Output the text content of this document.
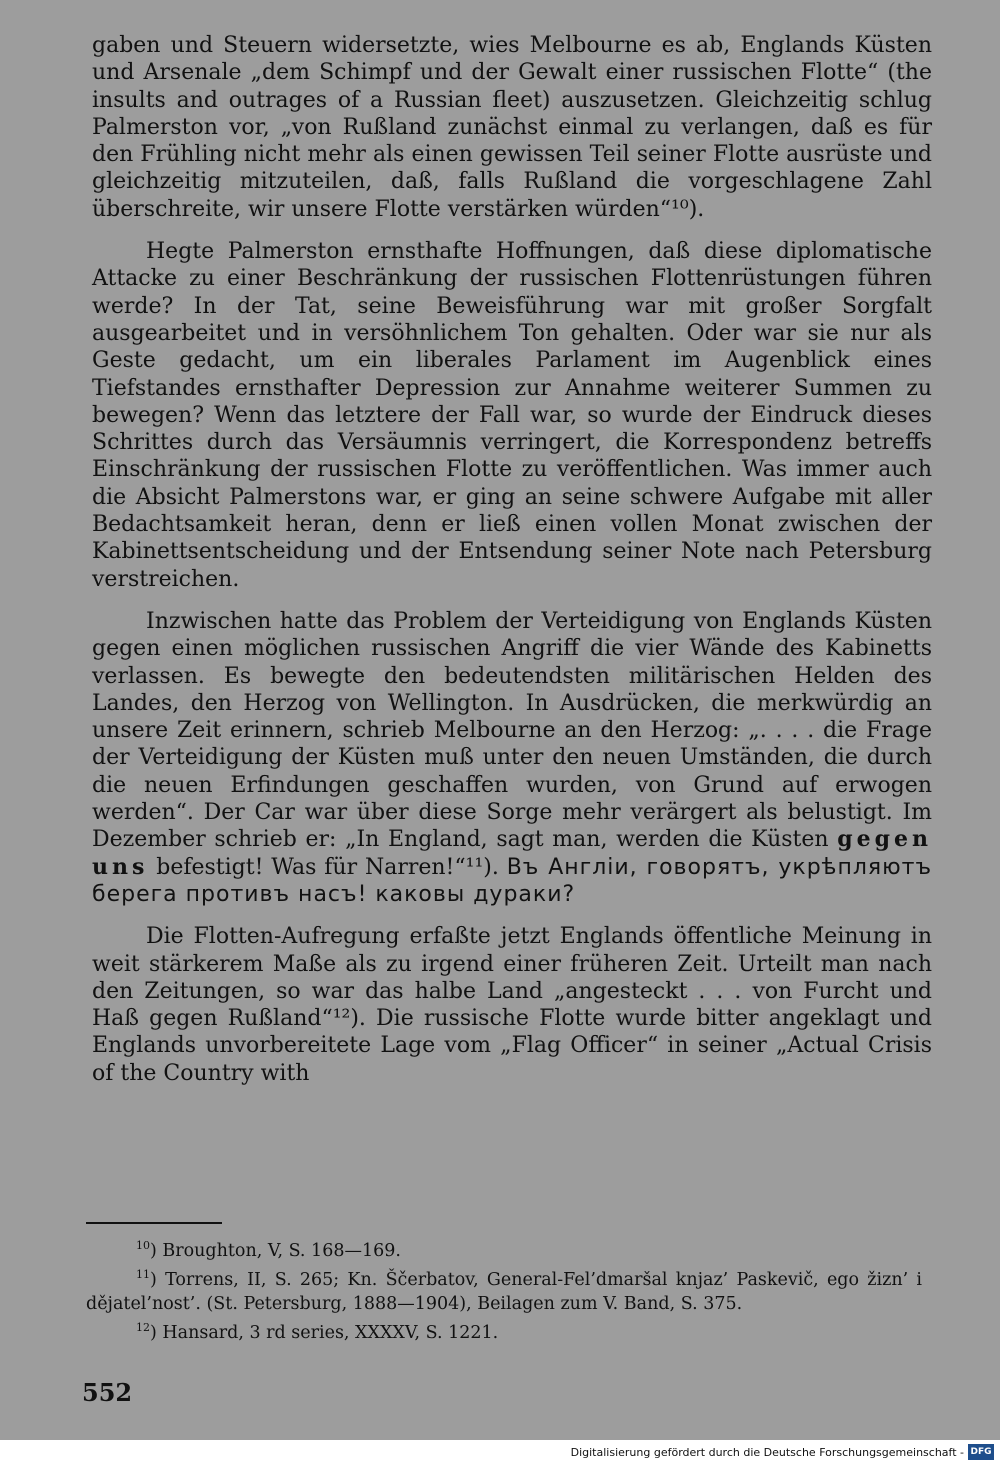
gaben und Steuern widersetzte, wies Melbourne es ab, Englands Küsten und Arsenale „dem Schimpf und der Gewalt einer russischen Flotte“ (the insults and outrages of a Russian fleet) auszusetzen. Gleichzeitig schlug Palmerston vor, „von Rußland zunächst einmal zu verlangen, daß es für den Frühling nicht mehr als einen gewissen Teil seiner Flotte ausrüste und gleichzeitig mitzuteilen, daß, falls Rußland die vorgeschlagene Zahl überschreite, wir unsere Flotte verstärken würden“¹⁰).

Hegte Palmerston ernsthafte Hoffnungen, daß diese diplomatische Attacke zu einer Beschränkung der russischen Flottenrüstungen führen werde? In der Tat, seine Beweisführung war mit großer Sorgfalt ausgearbeitet und in versöhnlichem Ton gehalten. Oder war sie nur als Geste gedacht, um ein liberales Parlament im Augenblick eines Tiefstandes ernsthafter Depression zur Annahme weiterer Summen zu bewegen? Wenn das letztere der Fall war, so wurde der Eindruck dieses Schrittes durch das Versäumnis verringert, die Korrespondenz betreffs Einschränkung der russischen Flotte zu veröffentlichen. Was immer auch die Absicht Palmerstons war, er ging an seine schwere Aufgabe mit aller Bedachtsamkeit heran, denn er ließ einen vollen Monat zwischen der Kabinettsentscheidung und der Entsendung seiner Note nach Petersburg verstreichen.

Inzwischen hatte das Problem der Verteidigung von Englands Küsten gegen einen möglichen russischen Angriff die vier Wände des Kabinetts verlassen. Es bewegte den bedeutendsten militärischen Helden des Landes, den Herzog von Wellington. In Ausdrücken, die merkwürdig an unsere Zeit erinnern, schrieb Melbourne an den Herzog: „. . . . die Frage der Verteidigung der Küsten muß unter den neuen Umständen, die durch die neuen Erfindungen geschaffen wurden, von Grund auf erwogen werden“. Der Car war über diese Sorge mehr verärgert als belustigt. Im Dezember schrieb er: „In England, sagt man, werden die Küsten gegen uns befestigt! Was für Narren!“¹¹). Въ Англіи, говорятъ, укрѣпляютъ берега противъ насъ! каковы дураки?

Die Flotten-Aufregung erfaßte jetzt Englands öffentliche Meinung in weit stärkerem Maße als zu irgend einer früheren Zeit. Urteilt man nach den Zeitungen, so war das halbe Land „angesteckt . . . von Furcht und Haß gegen Rußland“¹²). Die russische Flotte wurde bitter angeklagt und Englands unvorbereitete Lage vom „Flag Officer“ in seiner „Actual Crisis of the Country with

$^{10}$) Broughton, V, S. 168—169.

$^{11}$) Torrens, II, S. 265; Kn. Ščerbatov, General-Fel’dmaršal knjaz’ Paskevič, ego žizn’ i dějatel’nost’. (St. Petersburg, 1888—1904), Beilagen zum V. Band, S. 375.

$^{12}$) Hansard, 3 rd series, XXXXV, S. 1221.

552
Digitalisierung gefördert durch die Deutsche Forschungsgemeinschaft - DFG
